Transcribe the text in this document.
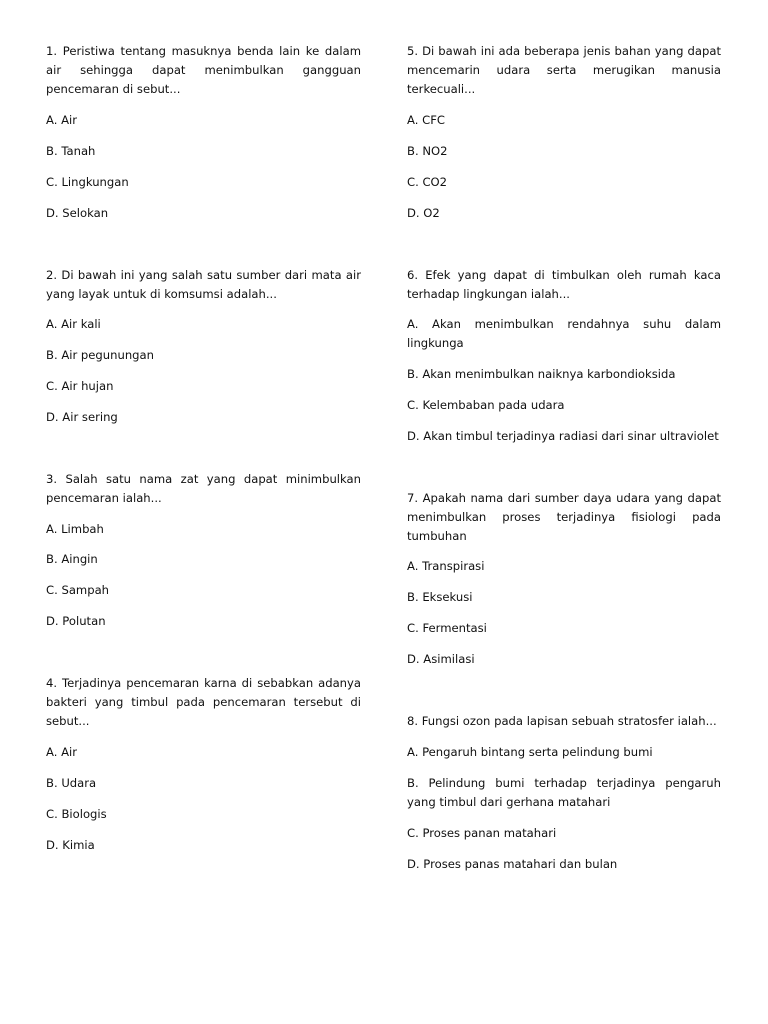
1. Peristiwa tentang masuknya benda lain ke dalam air sehingga dapat menimbulkan gangguan pencemaran di sebut...

A. Air

B. Tanah

C. Lingkungan

D. Selokan

2. Di bawah ini yang salah satu sumber dari mata air yang layak untuk di komsumsi adalah...

A. Air kali

B. Air pegunungan

C. Air hujan

D. Air sering

3. Salah satu nama zat yang dapat minimbulkan pencemaran ialah...

A. Limbah

B. Aingin

C. Sampah

D. Polutan

4. Terjadinya pencemaran karna di sebabkan adanya bakteri yang timbul pada pencemaran tersebut di sebut...

A. Air

B. Udara

C. Biologis

D. Kimia

5. Di bawah ini ada beberapa jenis bahan yang dapat mencemarin udara serta merugikan manusia terkecuali...

A. CFC

B. NO2

C. CO2

D. O2

6. Efek yang dapat di timbulkan oleh rumah kaca terhadap lingkungan ialah...

A. Akan menimbulkan rendahnya suhu dalam lingkunga

B. Akan menimbulkan naiknya karbondioksida

C. Kelembaban pada udara

D. Akan timbul terjadinya radiasi dari sinar ultraviolet

7. Apakah nama dari sumber daya udara yang dapat menimbulkan proses terjadinya fisiologi pada tumbuhan

A. Transpirasi

B. Eksekusi

C. Fermentasi

D. Asimilasi

8. Fungsi ozon pada lapisan sebuah stratosfer ialah...

A. Pengaruh bintang serta pelindung bumi

B. Pelindung bumi terhadap terjadinya pengaruh yang timbul dari gerhana matahari

C. Proses panan matahari

D. Proses panas matahari dan bulan
